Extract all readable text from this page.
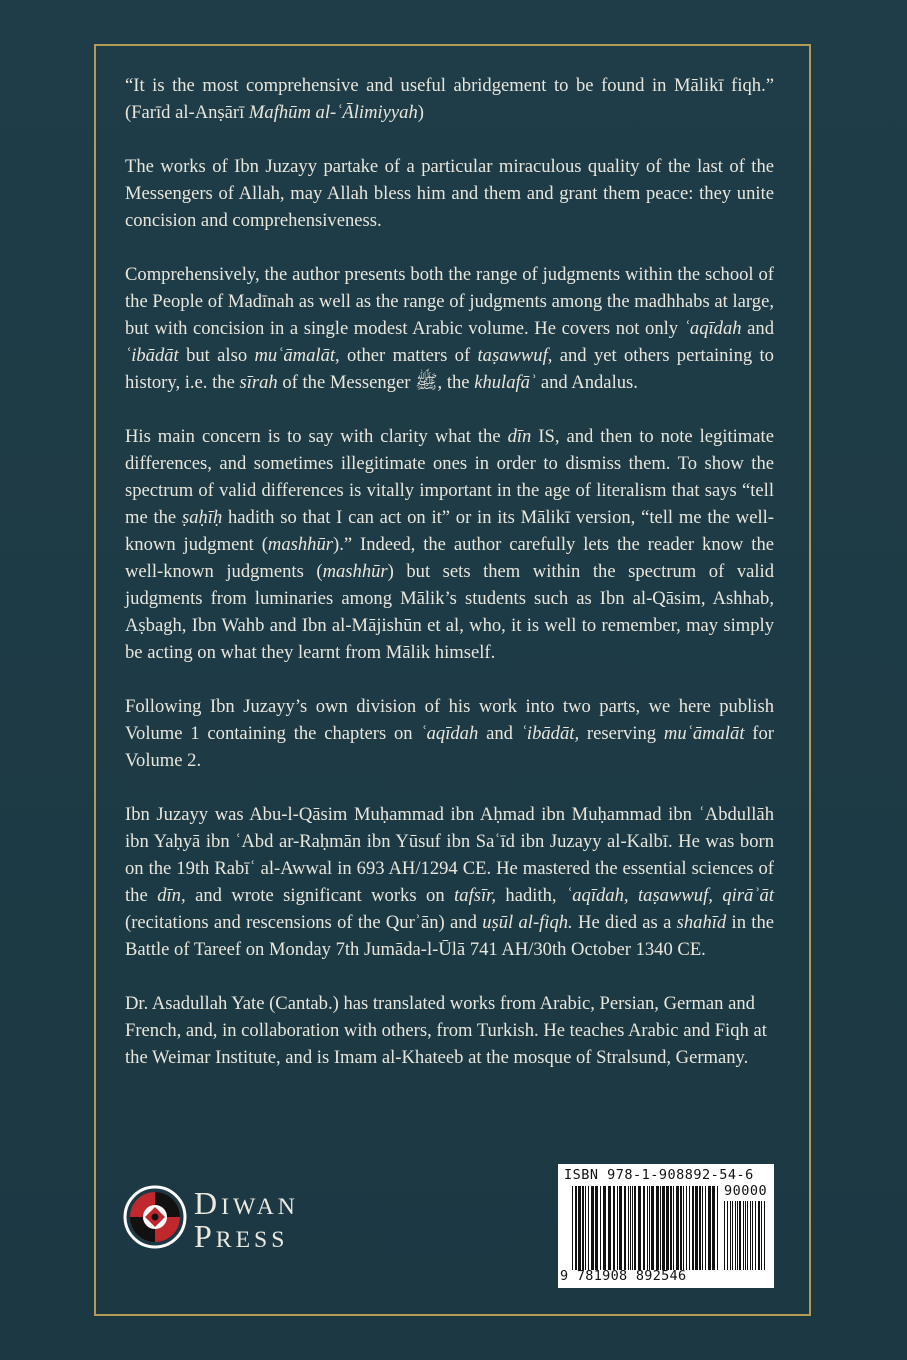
“It is the most comprehensive and useful abridgement to be found in Mālikī fiqh.” (Farīd al-Anṣārī Mafhūm al-ʿĀlimiyyah)

The works of Ibn Juzayy partake of a particular miraculous quality of the last of the Messengers of Allah, may Allah bless him and them and grant them peace: they unite concision and comprehensiveness.

Comprehensively, the author presents both the range of judgments within the school of the People of Madīnah as well as the range of judgments among the madhhabs at large, but with concision in a single modest Arabic volume. He covers not only ʿaqīdah and ʿibādāt but also muʿāmalāt, other matters of taṣawwuf, and yet others pertaining to history, i.e. the sīrah of the Messenger ﷺ, the khulafāʾ and Andalus.

His main concern is to say with clarity what the dīn IS, and then to note legitimate differences, and sometimes illegitimate ones in order to dismiss them. To show the spectrum of valid differences is vitally important in the age of literalism that says “tell me the ṣaḥīḥ hadith so that I can act on it” or in its Mālikī version, “tell me the well-known judgment (mashhūr).” Indeed, the author carefully lets the reader know the well-known judgments (mashhūr) but sets them within the spectrum of valid judgments from luminaries among Mālik’s students such as Ibn al-Qāsim, Ashhab, Aṣbagh, Ibn Wahb and Ibn al-Mājishūn et al, who, it is well to remember, may simply be acting on what they learnt from Mālik himself.

Following Ibn Juzayy’s own division of his work into two parts, we here publish Volume 1 containing the chapters on ʿaqīdah and ʿibādāt, reserving muʿāmalāt for Volume 2.

Ibn Juzayy was Abu-l-Qāsim Muḥammad ibn Aḥmad ibn Muḥammad ibn ʿAbdullāh ibn Yaḥyā ibn ʿAbd ar-Raḥmān ibn Yūsuf ibn Saʿīd ibn Juzayy al-Kalbī. He was born on the 19th Rabīʿ al-Awwal in 693 AH/1294 CE. He mastered the essential sciences of the dīn, and wrote significant works on tafsīr, hadith, ʿaqīdah, taṣawwuf, qirāʾāt (recitations and rescensions of the Qurʾān) and uṣūl al-fiqh. He died as a shahīd in the Battle of Tareef on Monday 7th Jumāda-l-Ūlā 741 AH/30th October 1340 CE.

Dr. Asadullah Yate (Cantab.) has translated works from Arabic, Persian, German and French, and, in collaboration with others, from Turkish. He teaches Arabic and Fiqh at the Weimar Institute, and is Imam al-Khateeb at the mosque of Stralsund, Germany.

DIWAN
PRESS
ISBN 978-1-908892-54-6
90000
9 781908 892546
